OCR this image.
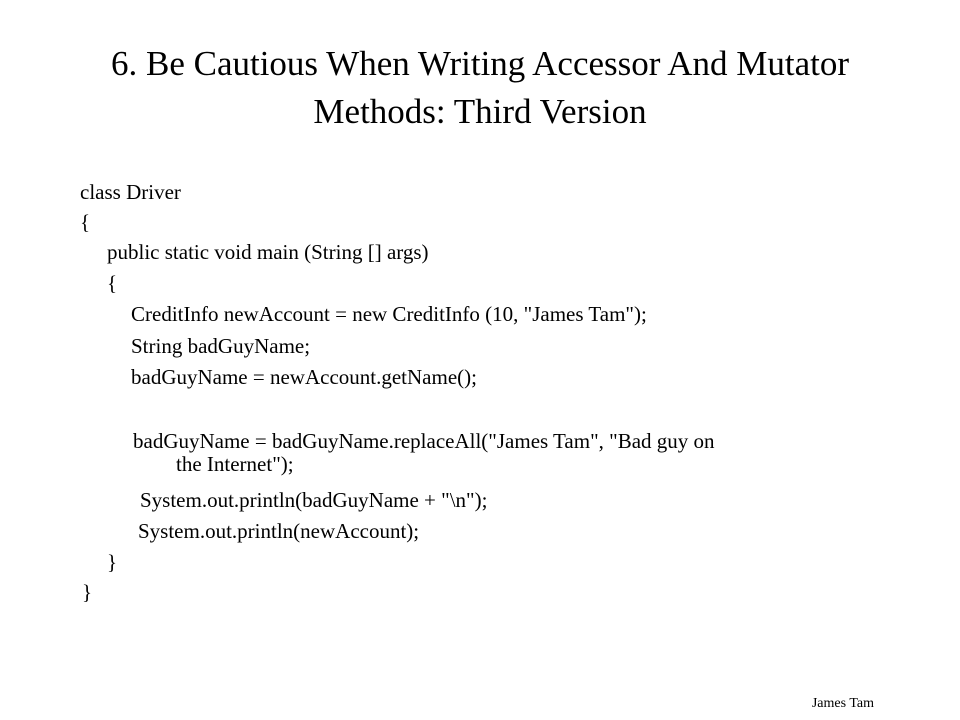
6. Be Cautious When Writing Accessor And Mutator Methods: Third Version
class Driver
{
public static void main (String [] args)
{
CreditInfo newAccount = new CreditInfo (10, "James Tam");
String badGuyName;
badGuyName = newAccount.getName();
badGuyName = badGuyName.replaceAll("James Tam", "Bad guy on
the Internet");
System.out.println(badGuyName + "\n");
System.out.println(newAccount);
}
}
James Tam
